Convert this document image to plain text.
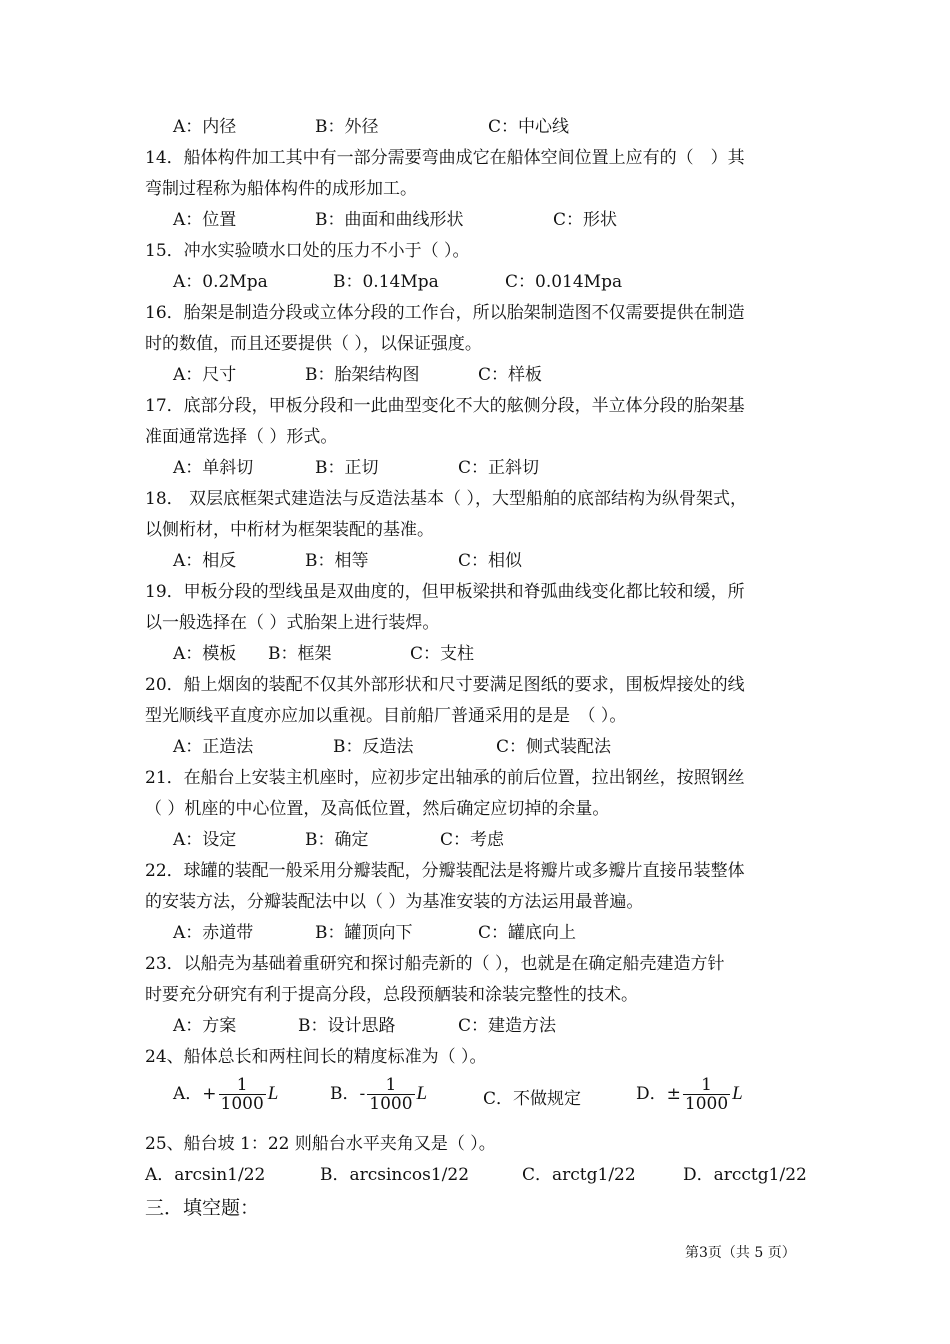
A：内径	B：外径	C：中心线
14．船体构件加工其中有一部分需要弯曲成它在船体空间位置上应有的（　）其
弯制过程称为船体构件的成形加工。
A：位置	B：曲面和曲线形状	C：形状
15．冲水实验喷水口处的压力不小于（ ）。
A：0.2Mpa	B：0.14Mpa	C：0.014Mpa
16．胎架是制造分段或立体分段的工作台，所以胎架制造图不仅需要提供在制造
时的数值，而且还要提供（ ），以保证强度。
A：尺寸	B：胎架结构图	C：样板
17．底部分段，甲板分段和一此曲型变化不大的舷侧分段，半立体分段的胎架基
准面通常选择（ ）形式。
A：单斜切	B：正切	C：正斜切
18． 双层底框架式建造法与反造法基本（ ），大型船舶的底部结构为纵骨架式，
以侧桁材，中桁材为框架装配的基准。
A：相反	B：相等	C：相似
19．甲板分段的型线虽是双曲度的，但甲板梁拱和脊弧曲线变化都比较和缓，所
以一般选择在（ ）式胎架上进行装焊。
A：模板 B：框架	C：支柱
20．船上烟囱的装配不仅其外部形状和尺寸要满足图纸的要求，围板焊接处的线
型光顺线平直度亦应加以重视。目前船厂普通采用的是是　（ ）。
A：正造法	B：反造法	C：侧式装配法
21．在船台上安装主机座时，应初步定出轴承的前后位置，拉出钢丝，按照钢丝
（ ）机座的中心位置，及高低位置，然后确定应切掉的余量。
A：设定	B：确定	C：考虑
22．球罐的装配一般采用分瓣装配，分瓣装配法是将瓣片或多瓣片直接吊装整体
的安装方法，分瓣装配法中以（ ）为基准安装的方法运用最普遍。
A：赤道带	B：罐顶向下	C：罐底向上
23．以船壳为基础着重研究和探讨船壳新的（ ），也就是在确定船壳建造方针
时要充分研究有利于提高分段，总段预舾装和涂装完整性的技术。
A：方案	B：设计思路	C：建造方法
24、船体总长和两柱间长的精度标准为（ ）。
A．+ $\frac{1}{1000}$ L	B．- $\frac{1}{1000}$ L	C．不做规定	D．± $\frac{1}{1000}$ L
25、船台坡 1：22 则船台水平夹角又是（ ）。
A．arcsin1/22	B．arcsincos1/22	C．arctg1/22	D．arcctg1/22
三．填空题：
第3页（共 5 页）
